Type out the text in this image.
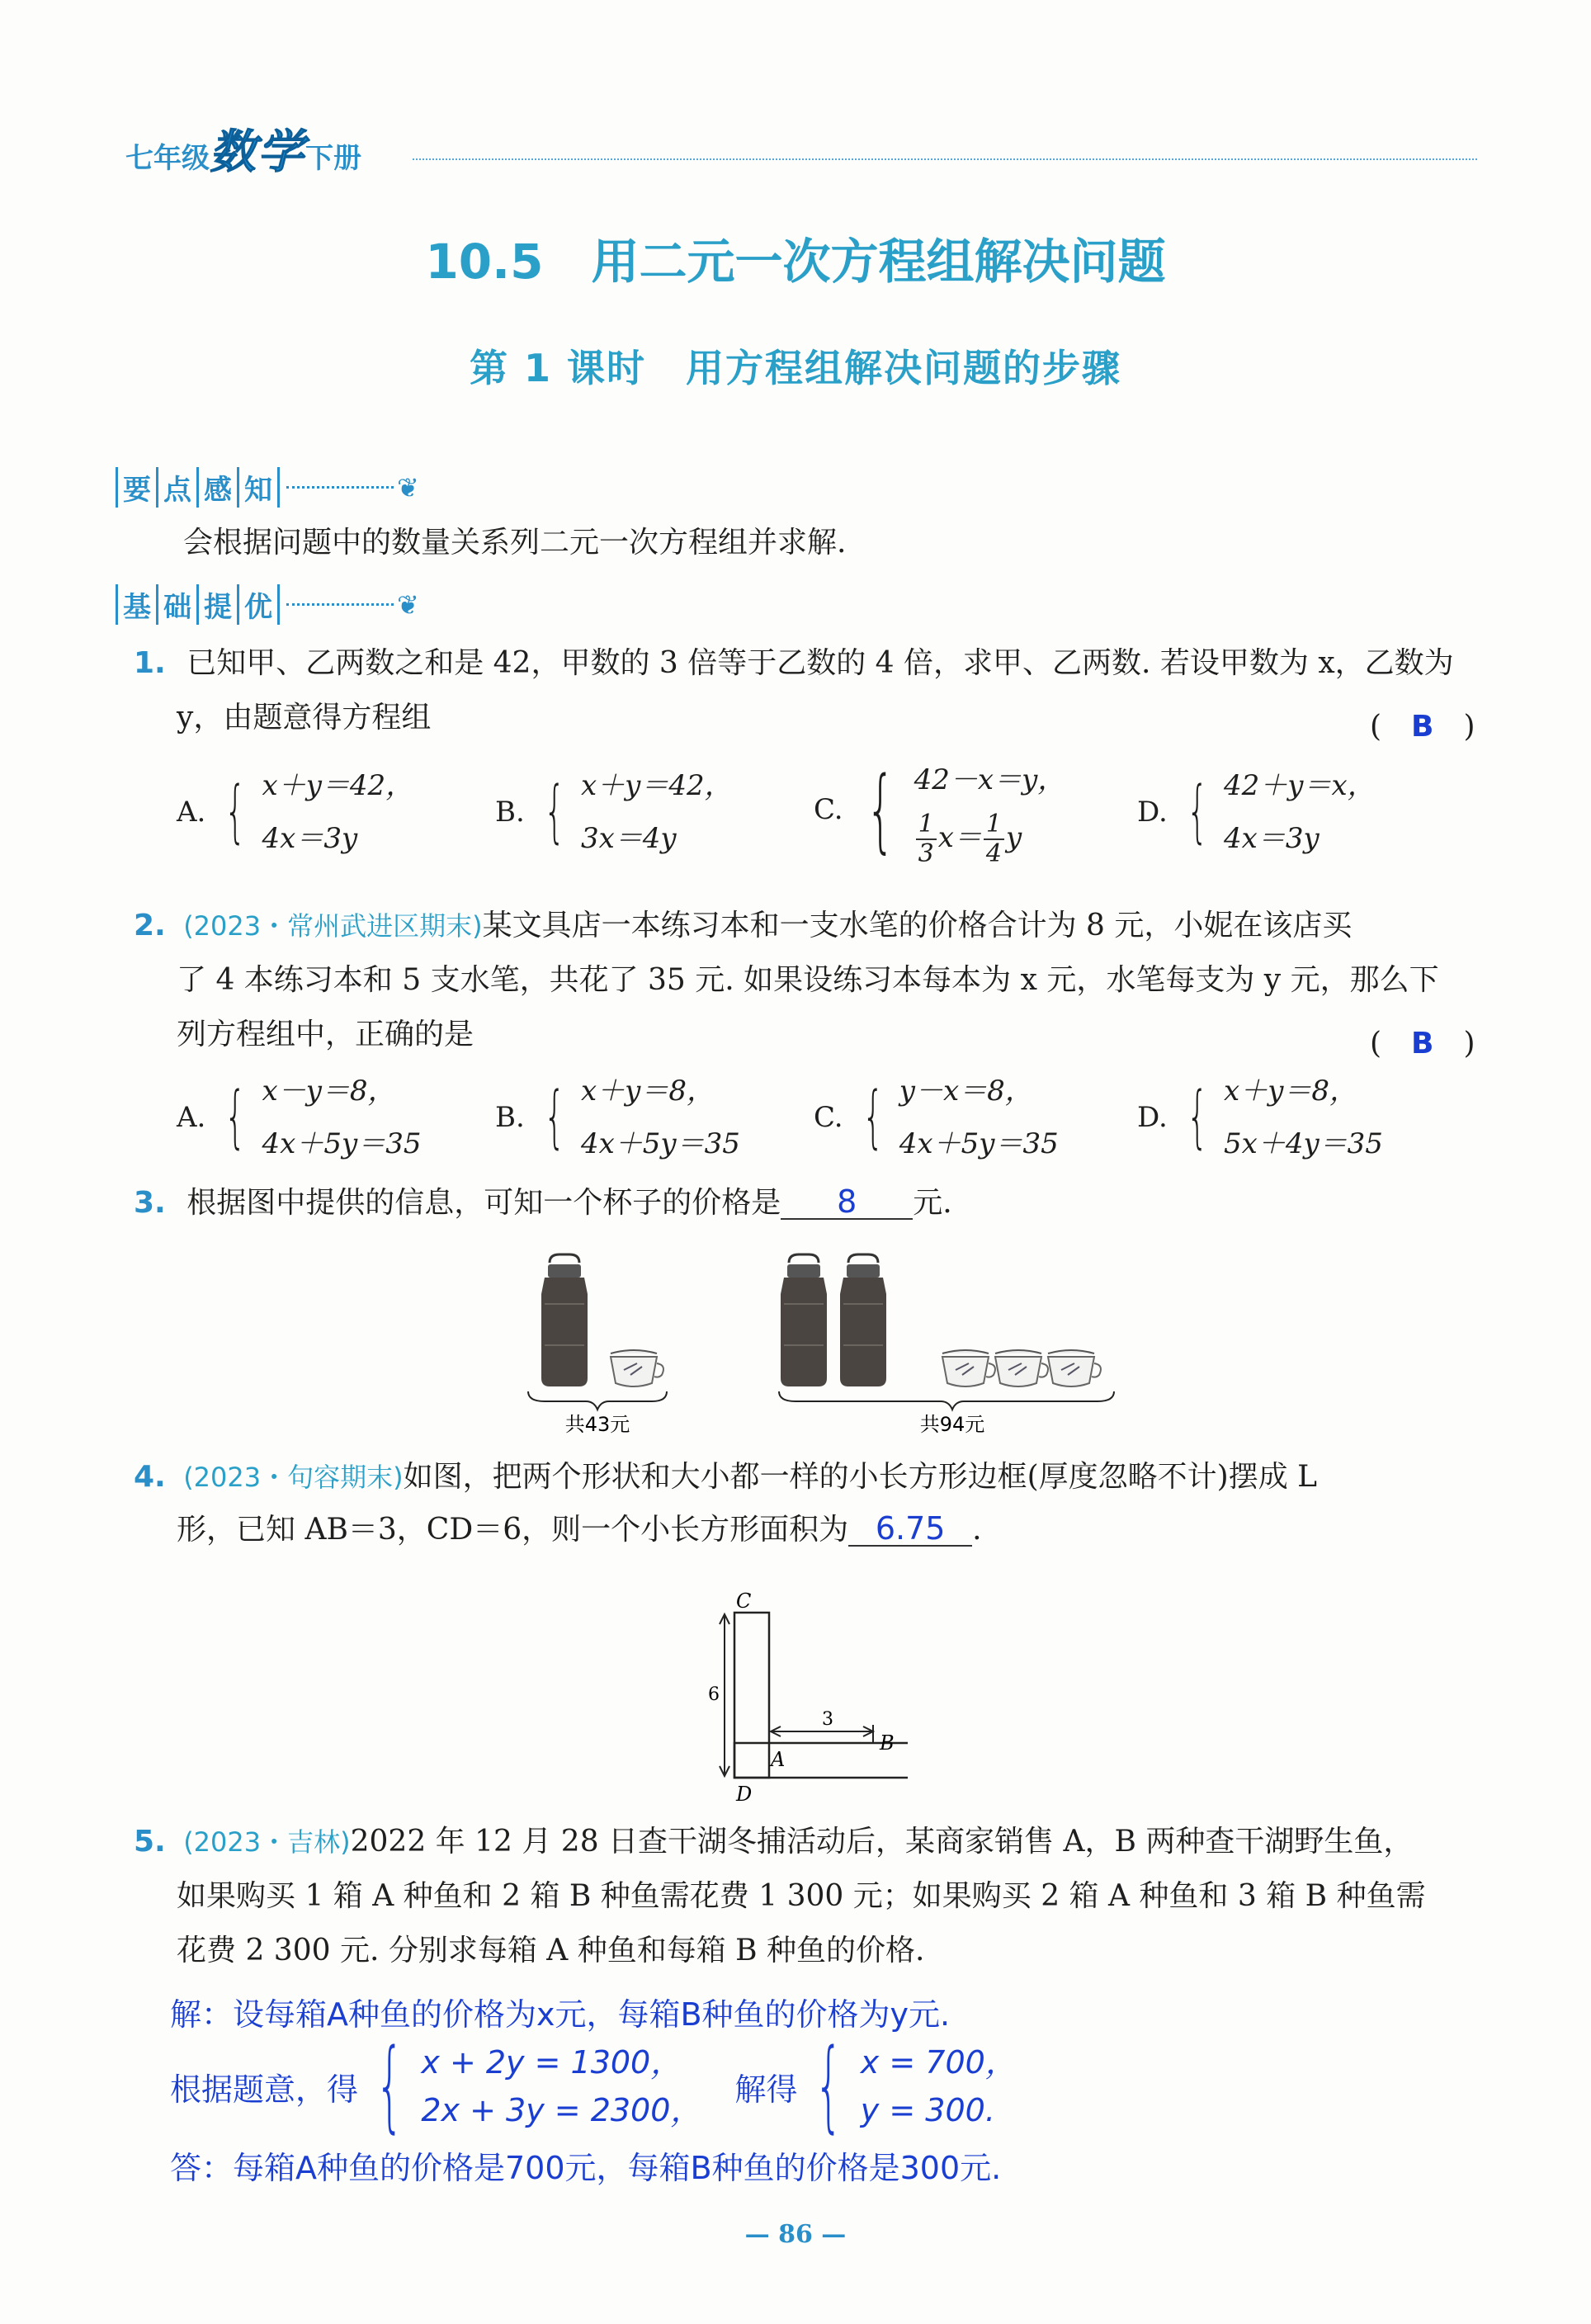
七年级数学下册
10.5　用二元一次方程组解决问题
第 1 课时　用方程组解决问题的步骤
要 点 感 知	❦
会根据问题中的数量关系列二元一次方程组并求解.
基 础 提 优	❦
1. 已知甲、乙两数之和是 42，甲数的 3 倍等于乙数的 4 倍，求甲、乙两数. 若设甲数为 x，乙数为
y，由题意得方程组	(　B　)
A. { x＋y＝42，
4x＝3y
B. { x＋y＝42，
3x＝4y
C. { 42－x＝y，
$\frac{1}{3} x= \frac{1}{4}$ y
D. { 42＋y＝x，
4x＝3y
2. (2023・常州武进区期末)某文具店一本练习本和一支水笔的价格合计为 8 元，小妮在该店买
了 4 本练习本和 5 支水笔，共花了 35 元. 如果设练习本每本为 x 元，水笔每支为 y 元，那么下
列方程组中，正确的是	(　B　)
A. { x－y＝8，
4x＋5y＝35
B. { x＋y＝8，
4x＋5y＝35
C. { y－x＝8，
4x＋5y＝35
D. { x＋y＝8，
5x＋4y＝35
3. 根据图中提供的信息，可知一个杯子的价格是 8 元.
共43元	共94元
4. (2023・句容期末)如图，把两个形状和大小都一样的小长方形边框(厚度忽略不计)摆成 L
形，已知 AB＝3，CD＝6，则一个小长方形面积为 6.75 .
C
D
A
B
6
3
5. (2023・吉林)2022 年 12 月 28 日查干湖冬捕活动后，某商家销售 A，B 两种查干湖野生鱼，
如果购买 1 箱 A 种鱼和 2 箱 B 种鱼需花费 1 300 元；如果购买 2 箱 A 种鱼和 3 箱 B 种鱼需
花费 2 300 元. 分别求每箱 A 种鱼和每箱 B 种鱼的价格.
解：设每箱A种鱼的价格为x元，每箱B种鱼的价格为y元.
根据题意，得 { x + 2y = 1300，
2x + 3y = 2300，
解得 { x = 700，
y = 300.
答：每箱A种鱼的价格是700元，每箱B种鱼的价格是300元.
— 86 —
